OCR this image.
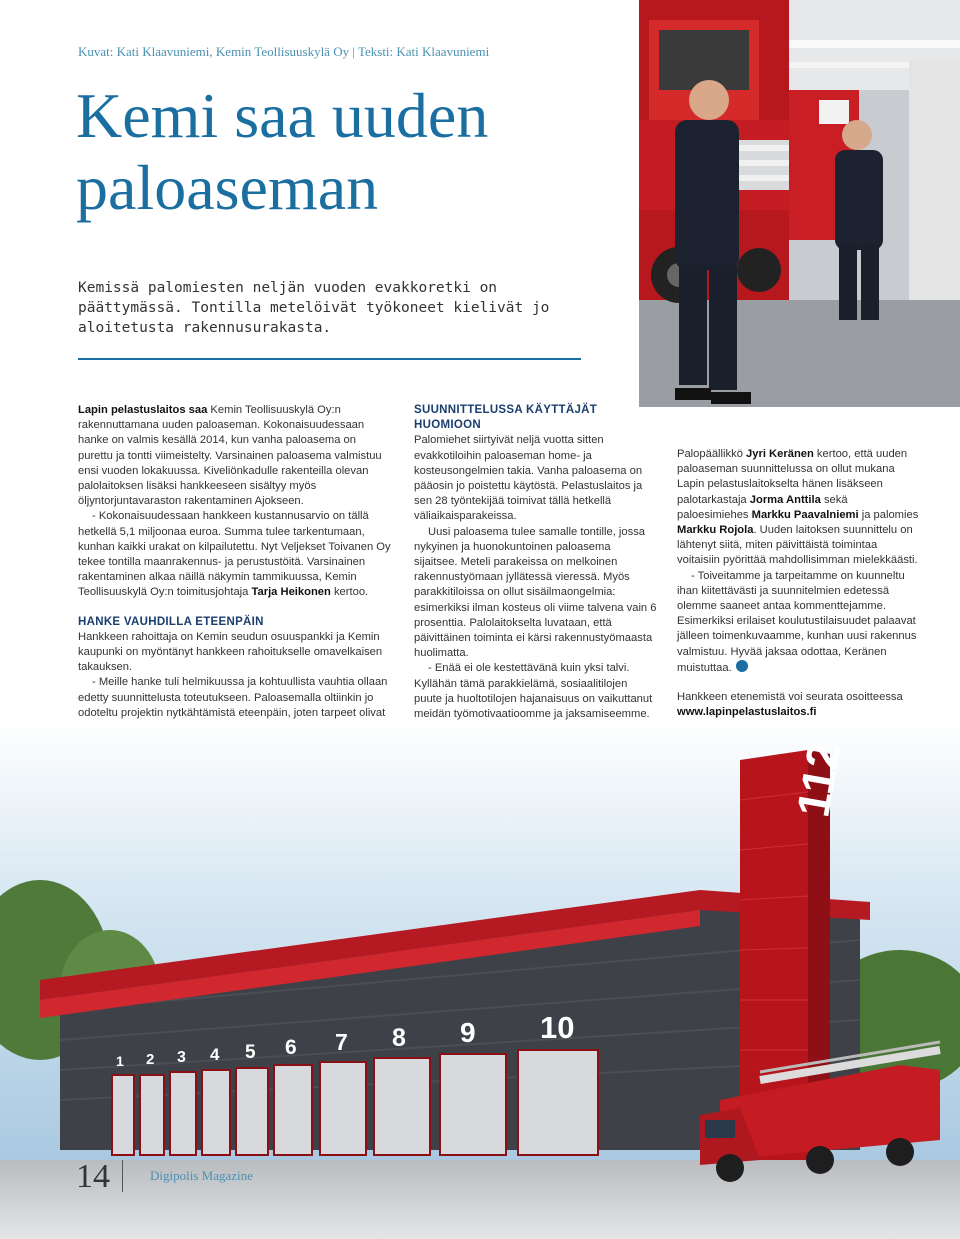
Kuvat: Kati Klaavuniemi, Kemin Teollisuuskylä Oy | Teksti: Kati Klaavuniemi
Kemi saa uuden paloaseman

Kemissä palomiesten neljän vuoden evakkoretki on päättymässä. Tontilla metelöivät työkoneet kielivät jo aloitetusta rakennusurakasta.

Lapin pelastuslaitos saa Kemin Teollisuuskylä Oy:n rakennuttamana uuden paloaseman. Kokonaisuudessaan hanke on valmis kesällä 2014, kun vanha paloasema on purettu ja tontti viimeistelty. Varsinainen paloasema valmistuu ensi vuoden lokakuussa. Kiveliönkadulle rakenteilla olevan palolaitoksen lisäksi hankkeeseen sisältyy myös öljyntorjuntavaraston rakentaminen Ajokseen.

- Kokonaisuudessaan hankkeen kustannusarvio on tällä hetkellä 5,1 miljoonaa euroa. Summa tulee tarkentumaan, kunhan kaikki urakat on kilpailutettu. Nyt Veljekset Toivanen Oy tekee tontilla maanrakennus- ja perustustöitä. Varsinainen rakentaminen alkaa näillä näkymin tammikuussa, Kemin Teollisuuskylä Oy:n toimitusjohtaja Tarja Heikonen kertoo.

HANKE VAUHDILLA ETEENPÄIN

Hankkeen rahoittaja on Kemin seudun osuuspankki ja Kemin kaupunki on myöntänyt hankkeen rahoitukselle omavelkaisen takauksen.

- Meille hanke tuli helmikuussa ja kohtuullista vauhtia ollaan edetty suunnittelusta toteutukseen. Paloasemalla oltiinkin jo odoteltu projektin nytkähtämistä eteenpäin, joten tarpeet olivat

SUUNNITTELUSSA KÄYTTÄJÄT
HUOMIOON

Palomiehet siirtyivät neljä vuotta sitten evakkotiloihin paloaseman home- ja kosteusongelmien takia. Vanha paloasema on pääosin jo poistettu käytöstä. Pelastuslaitos ja sen 28 työntekijää toimivat tällä hetkellä väliaikaisparakeissa.

Uusi paloasema tulee samalle tontille, jossa nykyinen ja huonokuntoinen paloasema sijaitsee. Meteli parakeissa on melkoinen rakennustyömaan jyllätessä vieressä. Myös parakkitiloissa on ollut sisäilmaongelmia: esimerkiksi ilman kosteus oli viime talvena vain 6 prosenttia. Palolaitokselta luvataan, että päivittäinen toiminta ei kärsi rakennustyömaasta huolimatta.

- Enää ei ole kestettävänä kuin yksi talvi. Kyllähän tämä parakkielämä, sosiaalitilojen puute ja huoltotilojen hajanaisuus on vaikuttanut meidän työmotivaatioomme ja jaksamiseemme.

Palopäällikkö Jyri Keränen kertoo, että uuden paloaseman suunnittelussa on ollut mukana Lapin pelastuslaitokselta hänen lisäkseen palotarkastaja Jorma Anttila sekä paloesimiehes Markku Paavalniemi ja palomies Markku Rojola. Uuden laitoksen suunnittelu on lähtenyt siitä, miten päivittäistä toimintaa voitaisiin pyörittää mahdollisimman mielekkäästi.

- Toiveitamme ja tarpeitamme on kuunneltu ihan kiitettävästi ja suunnitelmien edetessä olemme saaneet antaa kommenttejamme. Esimerkiksi erilaiset koulutustilaisuudet palaavat jälleen toimenkuvaamme, kunhan uusi rakennus valmistuu. Hyvää jaksaa odottaa, Keränen muistuttaa.

Hankkeen etenemistä voi seurata osoitteessa

www.lapinpelastuslaitos.fi

112
1 2 3 4 5 6 7 8 9 10
14	Digipolis Magazine
